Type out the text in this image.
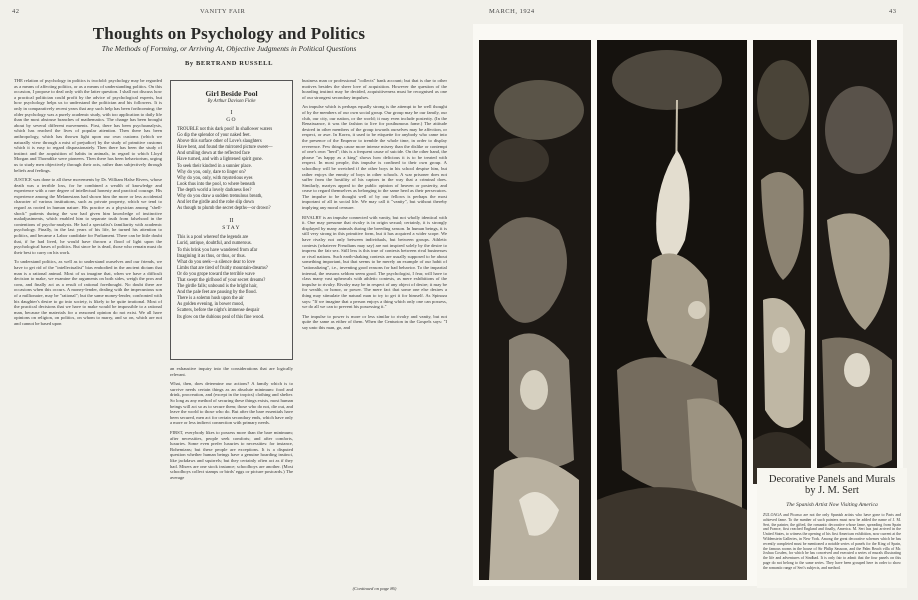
42	VANITY FAIR
Thoughts on Psychology and Politics
The Methods of Forming, or Arriving At, Objective Judgments in Political Questions
By BERTRAND RUSSELL

THE relation of psychology in politics is twofold: psychology may be regarded as a means of affecting politics, or as a means of understanding politics. On this occasion, I propose to deal only with the latter question. I shall not discuss how a practical politician could profit by the advice of psychological experts, but how psychology helps us to understand the politician and his followers. It is only in comparatively recent years that any such help has been forthcoming; the older psychology was a purely academic study, with too application to daily life than the most abstruse branches of mathematics. The change has been brought about by several different movements. First, there has been psychoanalysis, which has reached the lives of popular attention. Then there has been anthropology, which has thrown light upon our own customs (which we naturally view through a mist of prejudice) by the study of primitive customs which it is easy to regard dispassionately. Then there has been the study of instinct and the acquisition of habits in animals, in regard to which Lloyd Morgan and Thorndike were pioneers. Then there has been behaviorism, urging us to study men objectively through their acts, rather than subjectively through beliefs and feelings.

JUSTICE was done to all these movements by Dr. William Halse Rivers, whose death was a terrible loss, for he combined a wealth of knowledge and experience with a rare degree of intellectual honesty and practical courage. His experience among the Melanesians had shown him the more or less accidental character of various institutions, such as private property, which we tend to regard as rooted in human nature. His practice as a physician among "shell-shock" patients during the war had given him knowledge of instinctive maladjustments, which enabled him to separate truth from falsehood in the contentions of psycho-analysts. He had a specialist's familiarity with academic psychology. Finally, in the last years of his life, he turned his attention to politics, and became a Labor candidate for Parliament. There can be little doubt that, if he had lived, he would have thrown a flood of light upon the psychological bases of politics. But since he is dead, those who remain must do their best to carry on his work.

To understand politics, as well as to understand ourselves and our friends, we have to get rid of the "intellectualist" bias embodied in the ancient dictum that man is a rational animal. Most of us imagine that, when we have a difficult decision to make, we examine the arguments on both sides, weigh the pros and cons, and finally act as a result of rational forethought. No doubt there are occasions when this occurs. A money-lender, dealing with the impecunious son of a millionaire, may be "rational"; but the same money-lender, confronted with his daughter's desire to go into society, is likely to be quite irrational. Most of the practical decisions that we have to make would be impossible to a rational man, because the materials for a reasoned opinion do not exist. We all have opinions on religion, on politics, on whom to marry, and so on, which are not and cannot be based upon

Girl Beside Pool
By Arthur Davison Ficke
I
GO
TROUBLE not this dark pool! In shallower waters
Go dip the splendor of your naked feet.
Above this surface other of Love's slaughters
Have bent, and found the mirrored picture sweet—
And smiling down at the reflected face
Have turned, and with a lightened spirit gone.
To seek their kindred in a sunnier place.
Why do you, only, dare to linger on?
Why do you, only, with mysterious eyes
Look thus into the pool, to where beneath
The depth world a lovely darkness lies?
Why do you draw a sudden tremulous breath,
And let the girdle and the robe slip down
As though to plumb the secret depths—or drown?
II
STAY
This is a pool whereof the legends are
Lurid, antique, doubtful, and numerous.
To this brink you have wandered from afar
Imagining it as thus, or thus, or thus.
What do you seek—a silence dear to love
Limbs that are tired of fruitly mountain-dreams?
Or do you grope toward the terrible wave
That swept the girlhood of your secret dreams?
The girdle falls; unbound is the bright hair,
And the pale feet are pausing by the flood.
There is a solemn hush upon the air
As golden evening, in bower mood,
Scatters, before the night's immense despair
Its glow on the dubious peal of this fine wood.

an exhaustive inquiry into the considerations that are logically relevant.

What, then, does determine our actions? A family which is to survive needs certain things as an absolute minimum: food and drink, procreation, and (except in the tropics) clothing and shelter. So long as any method of securing these things exists, most human beings will act so as to secure them; those who do not, die out, and leave the world to those who do. But after the bare essentials have been secured, men act for certain secondary ends, which have only a more or less indirect connection with primary needs.

FIRST, everybody likes to possess more than the bare minimum; after necessities, people seek comforts; and after comforts, luxuries. Some even prefer luxuries to necessities: for instance, Bohemians; but these people are exceptions. It is a disputed question whether human beings have a genuine hoarding instinct, like jackdaws and squirrels; but they certainly often act as if they had. Misers are one stock instance; schoolboys are another. (Most schoolboys collect stamps or birds' eggs or picture postcards.) The average

business man or professional "collects" bank account; but that is due to other motives besides the sheer love of acquisition. However the question of the hoarding instinct may be decided, acquisitiveness must be recognised as one of our strongest secondary impulses.

An impulse which is perhaps equally strong is the attempt to be well thought of by the members of our own social group. Our group may be our family, our club, our city, our nation, or the world; it may even include posterity. (In the Renaissance, it was the fashion to live for posthumous fame.) The attitude desired in other members of the group towards ourselves may be affection, or respect, or awe. In Korea, it used to be etiquette for anybody who came into the presence of the Emperor to tremble the whole time, in order to display reverence. Few things cause more intense misery than the dislike or contempt of one's own "herd"; this is a frequent cause of suicide. On the other hand, the phrase "as happy as a king" shows how delicious it is to be treated with respect. In most people, this impulse is confined to their own group. A schoolboy will be wretched if the other boys in his school despise him, but rather enjoys the enmity of boys in other schools. A war prisoner does not suffer from the hostility of his captors in the way that a criminal does. Similarly, martyrs appeal to the public opinion of heaven or posterity, and cease to regard themselves as belonging to the same herd as their persecutors. The impulse to be thought well of by our fellows is perhaps the most important of all in social life. We may call it "vanity", but without thereby implying any moral censure.

RIVALRY is an impulse connected with vanity, but not wholly identical with it. One may presume that rivalry is in origin sexual; certainly, it is strongly displayed by many animals during the breeding season. In human beings, it is still very strong in this primitive form, but it has acquired a wider scope. We have rivalry not only between individuals, but between groups. Athletic contests (whatever Freudians may say) are not inspired solely by the desire to impress the fair sex. Still less is this true of contests between rival businesses or rival nations. Such earth-shaking contests are usually supposed to be about something important, but that seems to be merely an example of our habit of "rationalizing", i.e., inventing good reasons for bad behavior. To the impartial internal, the reasons seldom seem good. The psychologist, I fear, will have to class many vast upheavals with athletic contests, as mere exhibitions of the impulse to rivalry. Rivalry may be in respect of any object of desire; it may be for wealth, or honor, or power. The mere fact that some one else desires a thing may stimulate the natural man to try to get it for himself. As Spinoza says: "If we imagine that a person enjoys a thing which only one can possess, we do all we can to prevent his possessing it."

The impulse to power is more or less similar to rivalry and vanity, but not quite the same as either of them. When the Centurion in the Gospels says: "I say unto this man, go, and

(Continued on page 86)
MARCH, 1924	43
Decorative Panels and Murals
by J. M. Sert
The Spanish Artist Now Visiting America
ZULOAGA and Picasso are not the only Spanish artists who have gone to Paris and achieved fame. To the number of such painters must now be added the name of J. M. Sert, the painter, the gifted, the romantic decorative whose fame, spreading from Spain and France, first reached England and finally, America. M. Sert has just arrived in the United States, to witness the opening of his first American exhibition, now current at the Wildenstein Galleries, in New York. Among the great decorative schemes which he has recently completed must be mentioned a notable series of panels for the King of Spain, the famous rooms in the house of Sir Philip Sassoon, and the Palm Beach villa of Mr. Joshua Cosden, for which he has conceived and executed a series of murals illustrating the life and adventures of Sindbad. It is only fair to admit that the four panels on this page do not belong to the same series. They have been grouped here in order to show the romantic range of Sert's subjects, and method.
